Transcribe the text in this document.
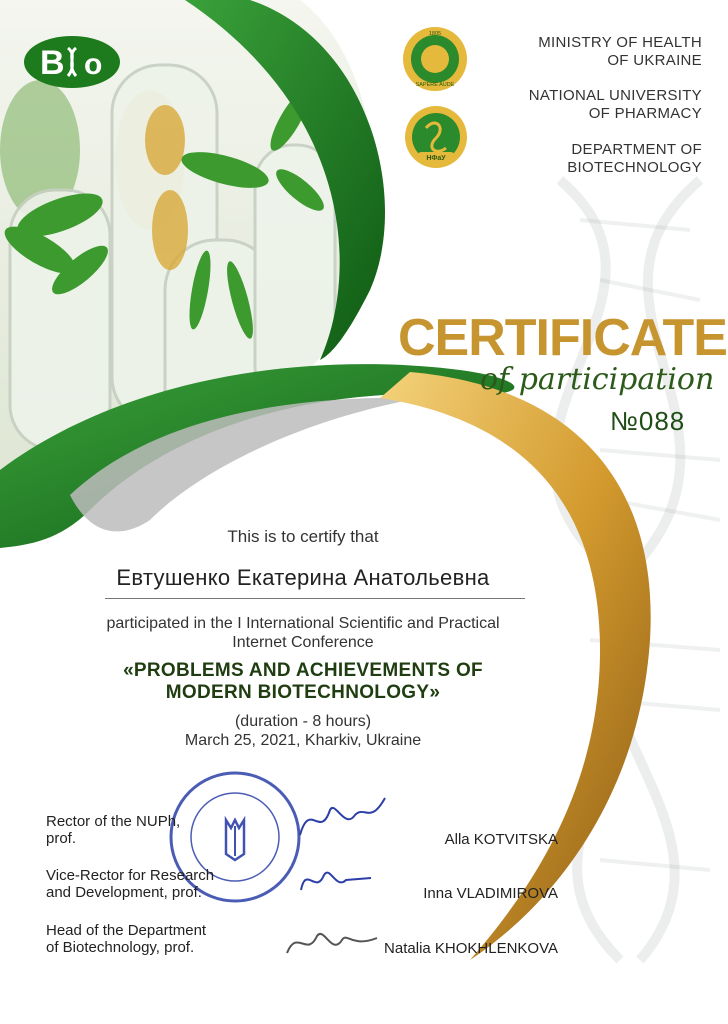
B o
SAPERE AUDE
1805
НФаУ
MINISTRY OF HEALTH
OF UKRAINE
NATIONAL UNIVERSITY
OF PHARMACY
DEPARTMENT OF
BIOTECHNOLOGY
CERTIFICATE
of participation
№088
This is to certify that
Евтушенко Екатерина Анатольевна
participated in the I International Scientific and Practical
Internet Conference
«PROBLEMS AND ACHIEVEMENTS OF
MODERN BIOTECHNOLOGY»
(duration - 8 hours)
March 25, 2021, Kharkiv, Ukraine
Rector of the NUPh,
prof.	Alla KOTVITSKA
Vice-Rector for Research
and Development, prof.	Inna VLADIMIROVA
Head of the Department
of Biotechnology, prof.	Natalia KHOKHLENKOVA
